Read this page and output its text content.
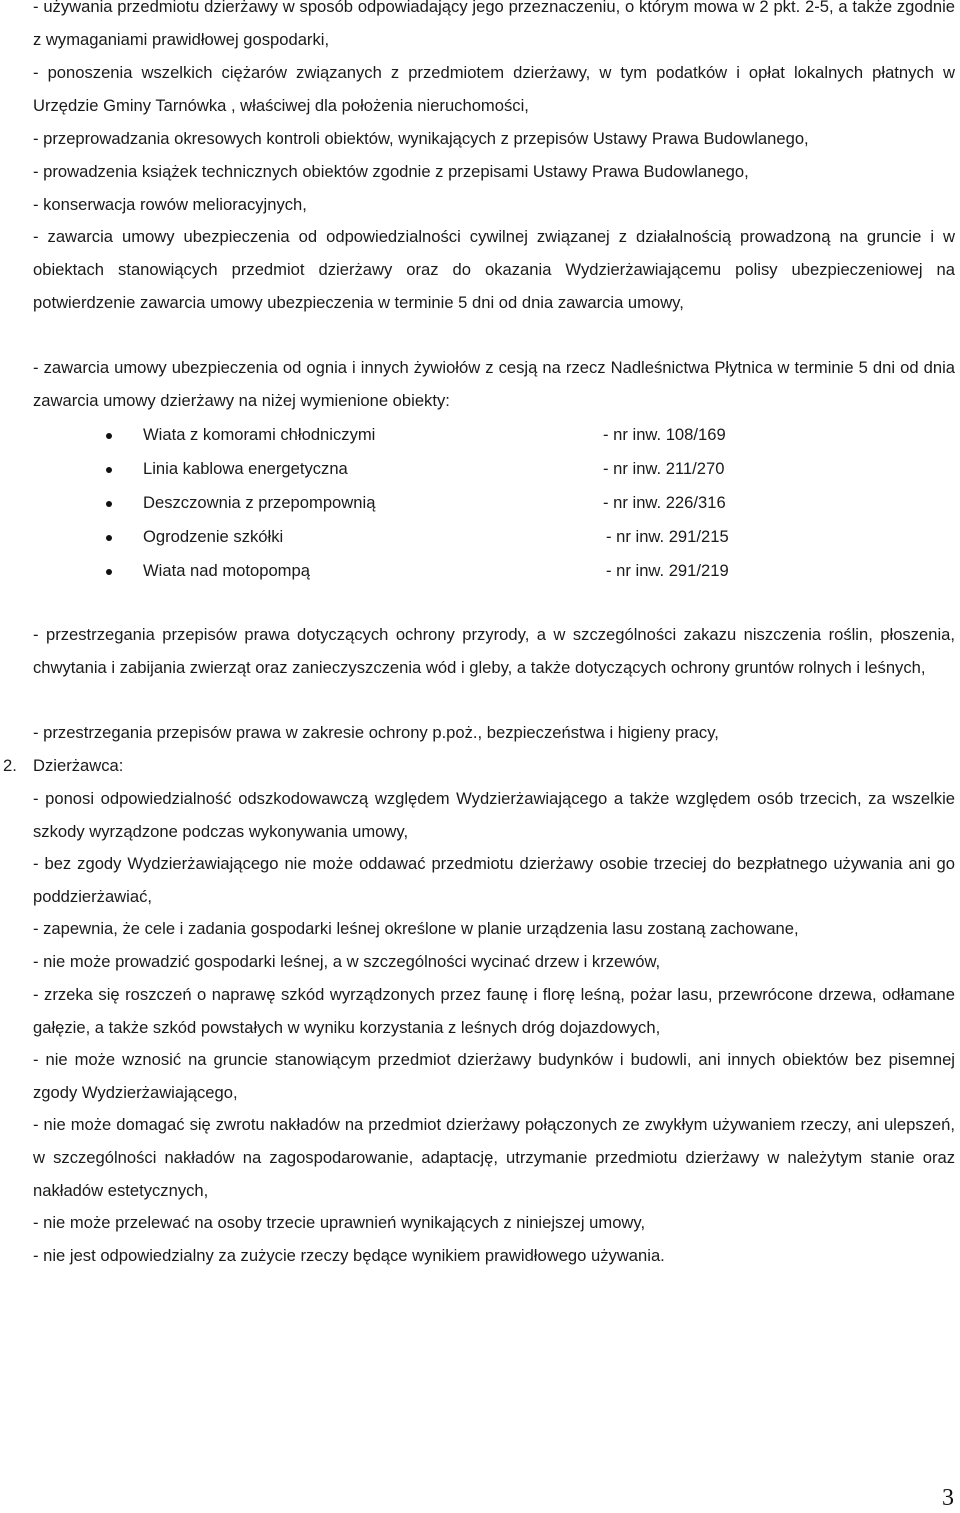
- używania przedmiotu dzierżawy w sposób odpowiadający jego przeznaczeniu, o którym mowa w 2 pkt. 2-5, a także zgodnie z wymaganiami prawidłowej gospodarki,

- ponoszenia wszelkich ciężarów związanych z przedmiotem dzierżawy, w tym podatków i opłat lokalnych płatnych w Urzędzie Gminy Tarnówka , właściwej dla położenia nieruchomości,

- przeprowadzania okresowych kontroli obiektów, wynikających z przepisów Ustawy Prawa Budowlanego,

- prowadzenia książek technicznych obiektów zgodnie z przepisami Ustawy Prawa Budowlanego,

- konserwacja rowów melioracyjnych,

- zawarcia umowy ubezpieczenia od odpowiedzialności cywilnej związanej z działalnością prowadzoną na gruncie i w obiektach stanowiących przedmiot dzierżawy oraz do okazania Wydzierżawiającemu polisy ubezpieczeniowej na potwierdzenie zawarcia umowy ubezpieczenia w terminie 5 dni od dnia zawarcia umowy,

- zawarcia umowy ubezpieczenia od ognia i innych żywiołów z cesją na rzecz Nadleśnictwa Płytnica w terminie 5 dni od dnia zawarcia umowy dzierżawy na niżej wymienione obiekty:

Wiata z komorami chłodniczymi	- nr inw. 108/169
Linia kablowa energetyczna	- nr inw. 211/270
Deszczownia z przepompownią	- nr inw. 226/316
Ogrodzenie szkółki	- nr inw. 291/215
Wiata nad motopompą	- nr inw. 291/219

- przestrzegania przepisów prawa dotyczących ochrony przyrody, a w szczególności zakazu niszczenia roślin, płoszenia, chwytania i zabijania zwierząt oraz zanieczyszczenia wód i gleby, a także dotyczących ochrony gruntów rolnych i leśnych,

- przestrzegania przepisów prawa w zakresie ochrony p.poż., bezpieczeństwa i higieny pracy,

2. Dzierżawca:

- ponosi odpowiedzialność odszkodowawczą względem Wydzierżawiającego a także względem osób trzecich, za wszelkie szkody wyrządzone podczas wykonywania umowy,

- bez zgody Wydzierżawiającego nie może oddawać przedmiotu dzierżawy osobie trzeciej do bezpłatnego używania ani go poddzierżawiać,

- zapewnia, że cele i zadania gospodarki leśnej określone w planie urządzenia lasu zostaną zachowane,

- nie może prowadzić gospodarki leśnej, a w szczególności wycinać drzew i krzewów,

- zrzeka się roszczeń o naprawę szkód wyrządzonych przez faunę i florę leśną, pożar lasu, przewrócone drzewa, odłamane gałęzie, a także szkód powstałych w wyniku korzystania z leśnych dróg dojazdowych,

- nie może wznosić na gruncie stanowiącym przedmiot dzierżawy budynków i budowli, ani innych obiektów bez pisemnej zgody Wydzierżawiającego,

- nie może domagać się zwrotu nakładów na przedmiot dzierżawy połączonych ze zwykłym używaniem rzeczy, ani ulepszeń, w szczególności nakładów na zagospodarowanie, adaptację, utrzymanie przedmiotu dzierżawy w należytym stanie oraz nakładów estetycznych,

- nie może przelewać na osoby trzecie uprawnień wynikających z niniejszej umowy,

- nie jest odpowiedzialny za zużycie rzeczy będące wynikiem prawidłowego używania.

3
